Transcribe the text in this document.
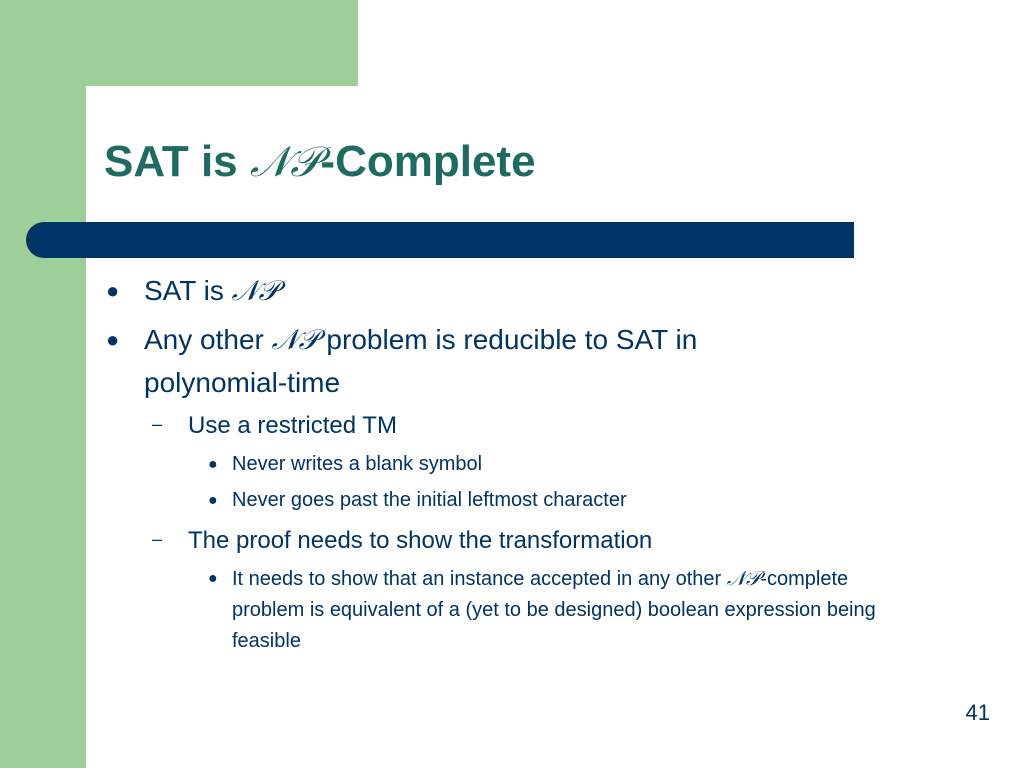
SAT is 𝒩𝒫-Complete
● SAT is 𝒩𝒫
● Any other 𝒩𝒫 problem is reducible to SAT in polynomial-time
– Use a restricted TM
● Never writes a blank symbol
● Never goes past the initial leftmost character
– The proof needs to show the transformation
● It needs to show that an instance accepted in any other 𝒩𝒫-complete problem is equivalent of a (yet to be designed) boolean expression being feasible
41
